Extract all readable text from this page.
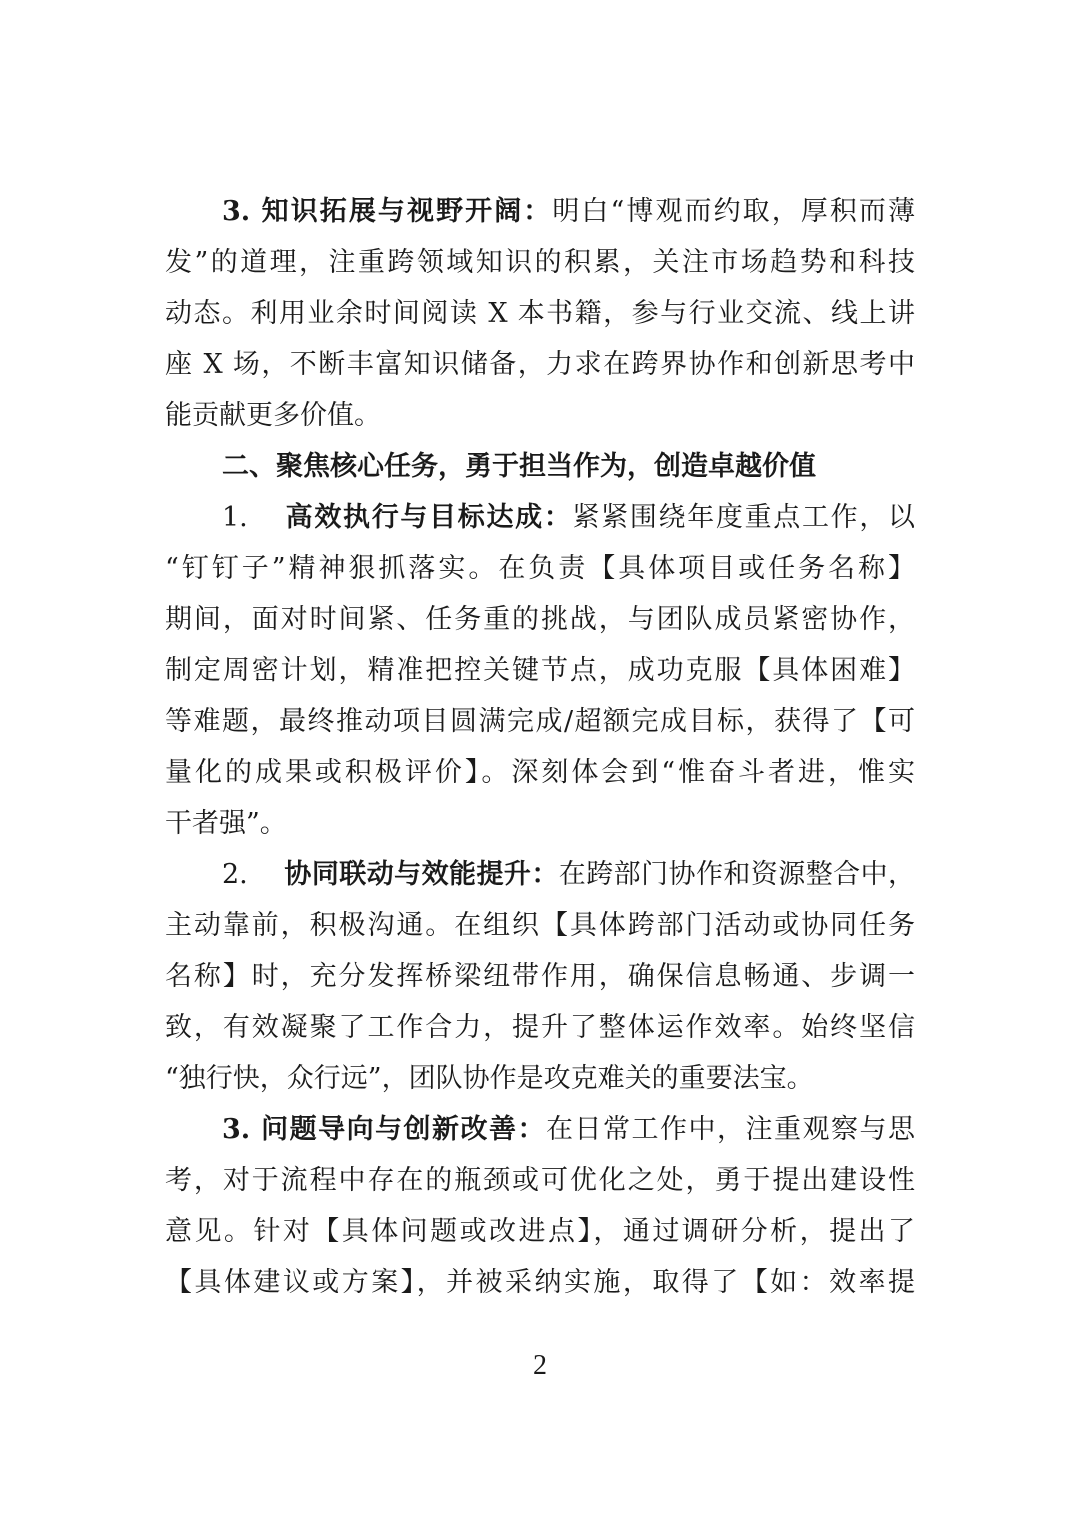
3. 知识拓展与视野开阔：明白“博观而约取，厚积而薄
发”的道理，注重跨领域知识的积累，关注市场趋势和科技
动态。利用业余时间阅读 X 本书籍，参与行业交流、线上讲
座 X 场，不断丰富知识储备，力求在跨界协作和创新思考中
能贡献更多价值。
二、聚焦核心任务，勇于担当作为，创造卓越价值
1. 高效执行与目标达成：紧紧围绕年度重点工作，以
“钉钉子”精神狠抓落实。在负责【具体项目或任务名称】
期间，面对时间紧、任务重的挑战，与团队成员紧密协作，
制定周密计划，精准把控关键节点，成功克服【具体困难】
等难题，最终推动项目圆满完成/超额完成目标，获得了【可
量化的成果或积极评价】。深刻体会到“惟奋斗者进，惟实
干者强”。
2. 协同联动与效能提升：在跨部门协作和资源整合中，
主动靠前，积极沟通。在组织【具体跨部门活动或协同任务
名称】时，充分发挥桥梁纽带作用，确保信息畅通、步调一
致，有效凝聚了工作合力，提升了整体运作效率。始终坚信
“独行快，众行远”，团队协作是攻克难关的重要法宝。
3. 问题导向与创新改善：在日常工作中，注重观察与思
考，对于流程中存在的瓶颈或可优化之处，勇于提出建设性
意见。针对【具体问题或改进点】，通过调研分析，提出了
【具体建议或方案】，并被采纳实施，取得了【如：效率提
2
